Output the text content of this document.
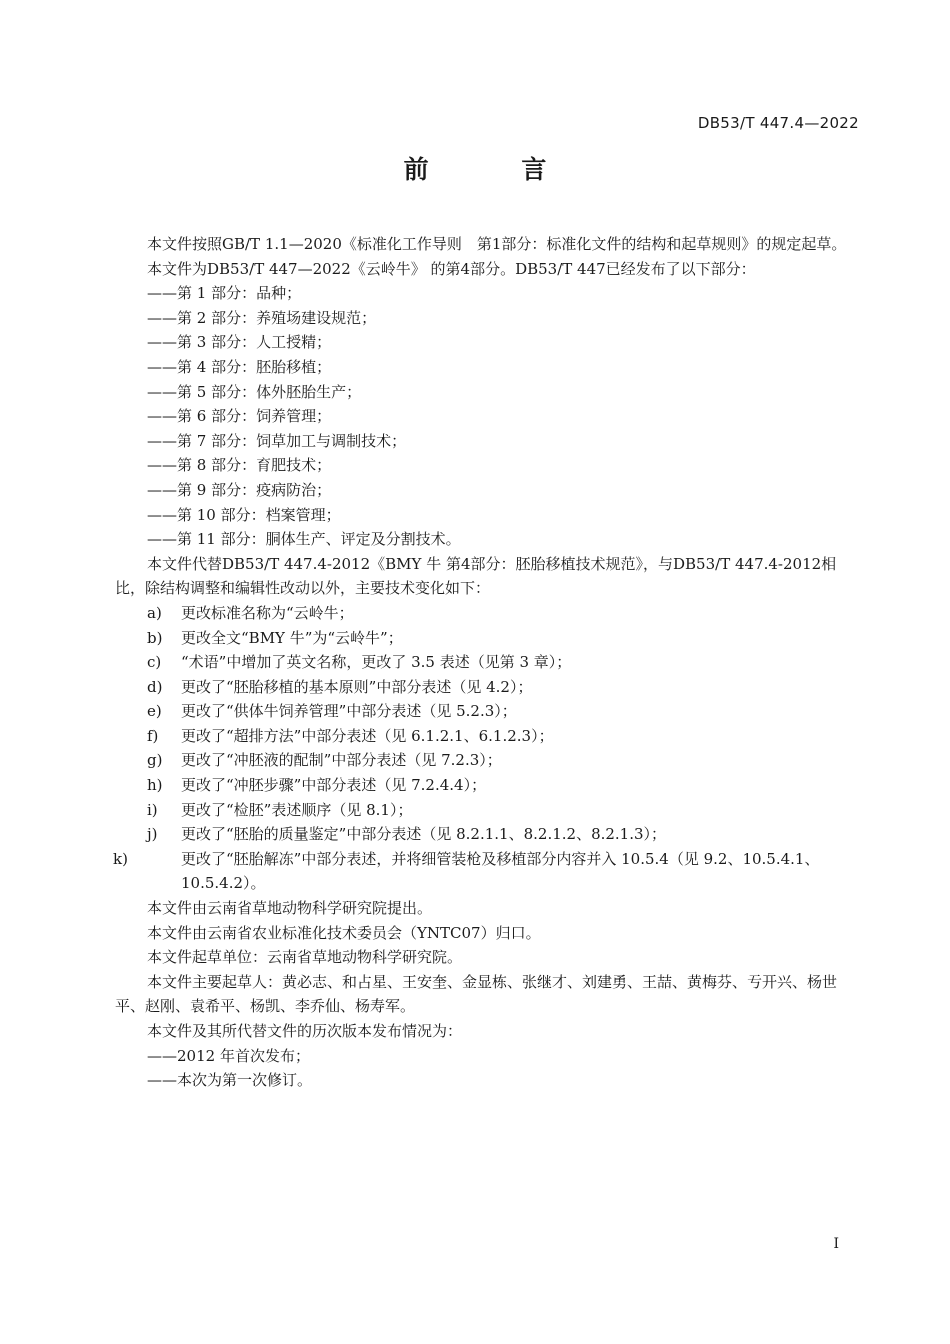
DB53/T 447.4—2022
前 言

本文件按照GB/T 1.1—2020《标准化工作导则　第1部分：标准化文件的结构和起草规则》的规定起草。

本文件为DB53/T 447—2022《云岭牛》 的第4部分。DB53/T 447已经发布了以下部分：

——第 1 部分：品种；

——第 2 部分：养殖场建设规范；

——第 3 部分：人工授精；

——第 4 部分：胚胎移植；

——第 5 部分：体外胚胎生产；

——第 6 部分：饲养管理；

——第 7 部分：饲草加工与调制技术；

——第 8 部分：育肥技术；

——第 9 部分：疫病防治；

——第 10 部分：档案管理；

——第 11 部分：胴体生产、评定及分割技术。

本文件代替DB53/T 447.4-2012《BMY 牛 第4部分：胚胎移植技术规范》，与DB53/T 447.4-2012相比，除结构调整和编辑性改动以外，主要技术变化如下：

a) 更改标准名称为“云岭牛；

b) 更改全文“BMY 牛”为“云岭牛”；

c) “术语”中增加了英文名称，更改了 3.5 表述（见第 3 章）；

d) 更改了“胚胎移植的基本原则”中部分表述（见 4.2）；

e) 更改了“供体牛饲养管理”中部分表述（见 5.2.3）；

f) 更改了“超排方法”中部分表述（见 6.1.2.1、6.1.2.3）；

g) 更改了“冲胚液的配制”中部分表述（见 7.2.3）；

h) 更改了“冲胚步骤”中部分表述（见 7.2.4.4）；

i) 更改了“检胚”表述顺序（见 8.1）；

j) 更改了“胚胎的质量鉴定”中部分表述（见 8.2.1.1、8.2.1.2、8.2.1.3）；

k)	更改了“胚胎解冻”中部分表述，并将细管装枪及移植部分内容并入 10.5.4（见 9.2、10.5.4.1、10.5.4.2）。

本文件由云南省草地动物科学研究院提出。

本文件由云南省农业标准化技术委员会（YNTC07）归口。

本文件起草单位：云南省草地动物科学研究院。

本文件主要起草人：黄必志、和占星、王安奎、金显栋、张继才、刘建勇、王喆、黄梅芬、亐开兴、杨世平、赵刚、袁希平、杨凯、李乔仙、杨寿军。

本文件及其所代替文件的历次版本发布情况为：

——2012 年首次发布；

——本次为第一次修订。

I
